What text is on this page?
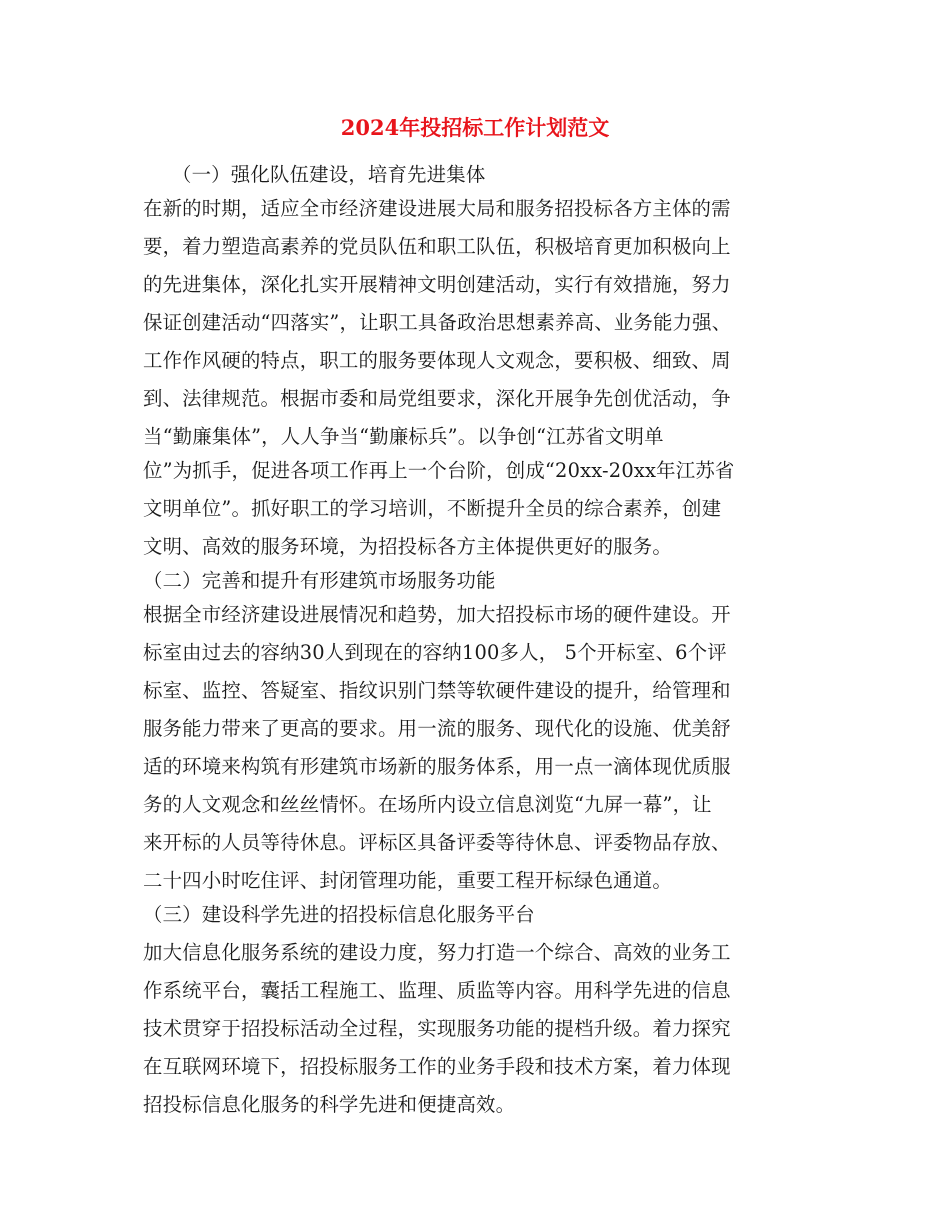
2024年投招标工作计划范文
（一）强化队伍建设，培育先进集体
在新的时期，适应全市经济建设进展大局和服务招投标各方主体的需
要，着力塑造高素养的党员队伍和职工队伍，积极培育更加积极向上
的先进集体，深化扎实开展精神文明创建活动，实行有效措施，努力
保证创建活动“四落实”，让职工具备政治思想素养高、业务能力强、
工作作风硬的特点，职工的服务要体现人文观念，要积极、细致、周
到、法律规范。根据市委和局党组要求，深化开展争先创优活动，争
当“勤廉集体”，人人争当“勤廉标兵”。以争创“江苏省文明单
位”为抓手，促进各项工作再上一个台阶，创成“20xx-20xx年江苏省
文明单位”。抓好职工的学习培训，不断提升全员的综合素养，创建
文明、高效的服务环境，为招投标各方主体提供更好的服务。
（二）完善和提升有形建筑市场服务功能
根据全市经济建设进展情况和趋势，加大招投标市场的硬件建设。开
标室由过去的容纳30人到现在的容纳100多人， 5个开标室、6个评
标室、监控、答疑室、指纹识别门禁等软硬件建设的提升，给管理和
服务能力带来了更高的要求。用一流的服务、现代化的设施、优美舒
适的环境来构筑有形建筑市场新的服务体系，用一点一滴体现优质服
务的人文观念和丝丝情怀。在场所内设立信息浏览“九屏一幕”，让
来开标的人员等待休息。评标区具备评委等待休息、评委物品存放、
二十四小时吃住评、封闭管理功能，重要工程开标绿色通道。
（三）建设科学先进的招投标信息化服务平台
加大信息化服务系统的建设力度，努力打造一个综合、高效的业务工
作系统平台，囊括工程施工、监理、质监等内容。用科学先进的信息
技术贯穿于招投标活动全过程，实现服务功能的提档升级。着力探究
在互联网环境下，招投标服务工作的业务手段和技术方案，着力体现
招投标信息化服务的科学先进和便捷高效。
